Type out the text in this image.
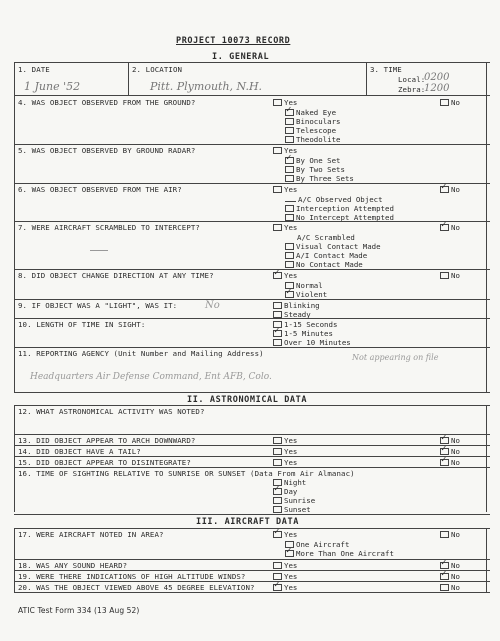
PROJECT 10073 RECORD
I. GENERAL
1. DATE
1 June '52
2. LOCATION
Pitt. Plymouth, N.H.
3. TIME
Local:
0200
Zebra:
1200
4. WAS OBJECT OBSERVED FROM THE GROUND?	Yes
✓Naked Eye
Binoculars
Telescope
Theodolite
No
5. WAS OBJECT OBSERVED BY GROUND RADAR?	Yes
✓By One Set
By Two Sets
By Three Sets
6. WAS OBJECT OBSERVED FROM THE AIR?	Yes
A/C Observed Object
Interception Attempted
No Intercept Attempted
✓No
7. WERE AIRCRAFT SCRAMBLED TO INTERCEPT?	Yes
A/C Scrambled
Visual Contact Made
A/I Contact Made
No Contact Made
✓No
8. DID OBJECT CHANGE DIRECTION AT ANY TIME? ✓	Yes
Normal
✓Violent
No
9. IF OBJECT WAS A "LIGHT", WAS IT:	No	Blinking
Steady
10. LENGTH OF TIME IN SIGHT:	1-15 Seconds
✓1-5 Minutes
Over 10 Minutes
11. REPORTING AGENCY (Unit Number and Mailing Address)	Not appearing on file
Headquarters Air Defense Command, Ent AFB, Colo.
II. ASTRONOMICAL DATA
12. WHAT ASTRONOMICAL ACTIVITY WAS NOTED?
13. DID OBJECT APPEAR TO ARCH DOWNWARD?	Yes ✓	No
14. DID OBJECT HAVE A TAIL?	Yes ✓	No
15. DID OBJECT APPEAR TO DISINTEGRATE?	Yes ✓	No
16. TIME OF SIGHTING RELATIVE TO SUNRISE OR SUNSET (Data From Air Almanac)
Night
✓Day
Sunrise
Sunset
III. AIRCRAFT DATA
17. WERE AIRCRAFT NOTED IN AREA? ✓	Yes
One Aircraft
✓More Than One Aircraft
No
18. WAS ANY SOUND HEARD?	Yes ✓	No
19. WERE THERE INDICATIONS OF HIGH ALTITUDE WINDS?	Yes ✓	No
20. WAS THE OBJECT VIEWED ABOVE 45 DEGREE ELEVATION? ✓	Yes	No
ATIC Test Form 334 (13 Aug 52)
